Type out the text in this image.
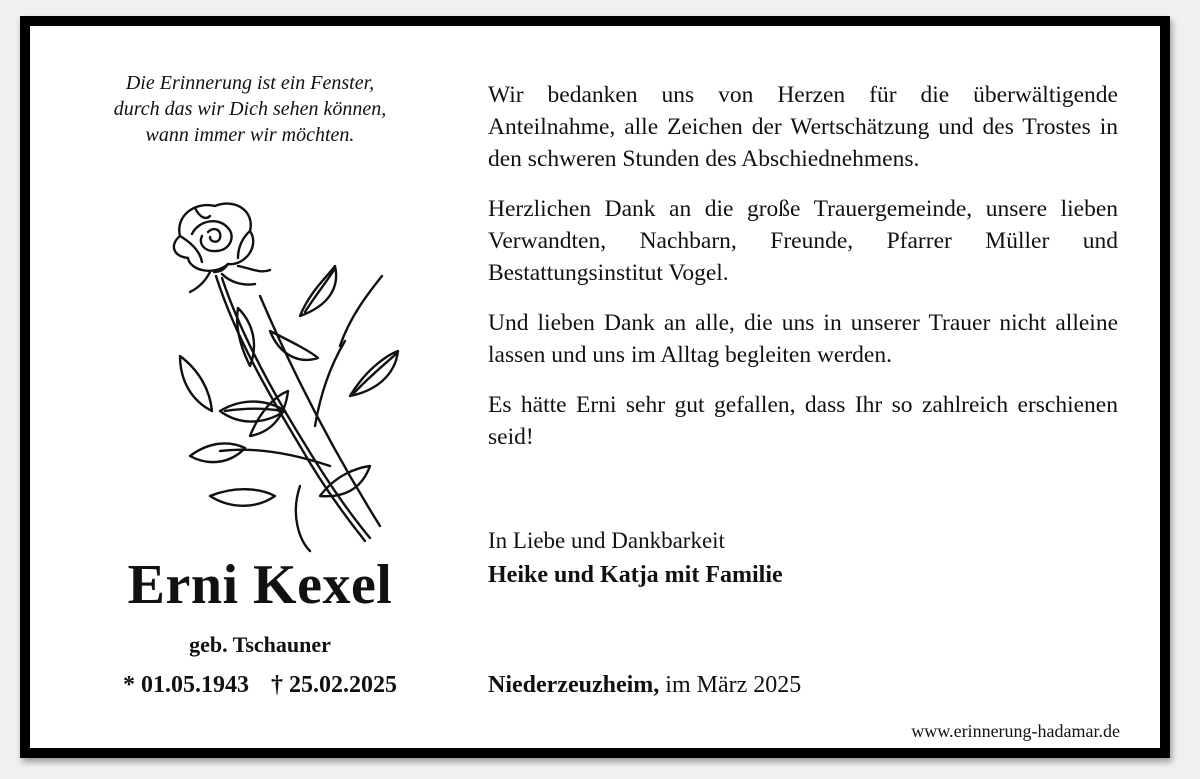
Die Erinnerung ist ein Fenster,
durch das wir Dich sehen können,
wann immer wir möchten.
Erni Kexel
geb. Tschauner
* 01.05.1943 † 25.02.2025

Wir bedanken uns von Herzen für die überwältigende Anteilnahme, alle Zeichen der Wertschätzung und des Trostes in den schweren Stunden des Abschiednehmens.

Herzlichen Dank an die große Trauergemeinde, unsere lieben Verwandten, Nachbarn, Freunde, Pfarrer Müller und Bestattungsinstitut Vogel.

Und lieben Dank an alle, die uns in unserer Trauer nicht alleine lassen und uns im Alltag begleiten werden.

Es hätte Erni sehr gut gefallen, dass Ihr so zahlreich erschienen seid!

In Liebe und Dankbarkeit
Heike und Katja mit Familie
Niederzeuzheim, im März 2025
www.erinnerung-hadamar.de
